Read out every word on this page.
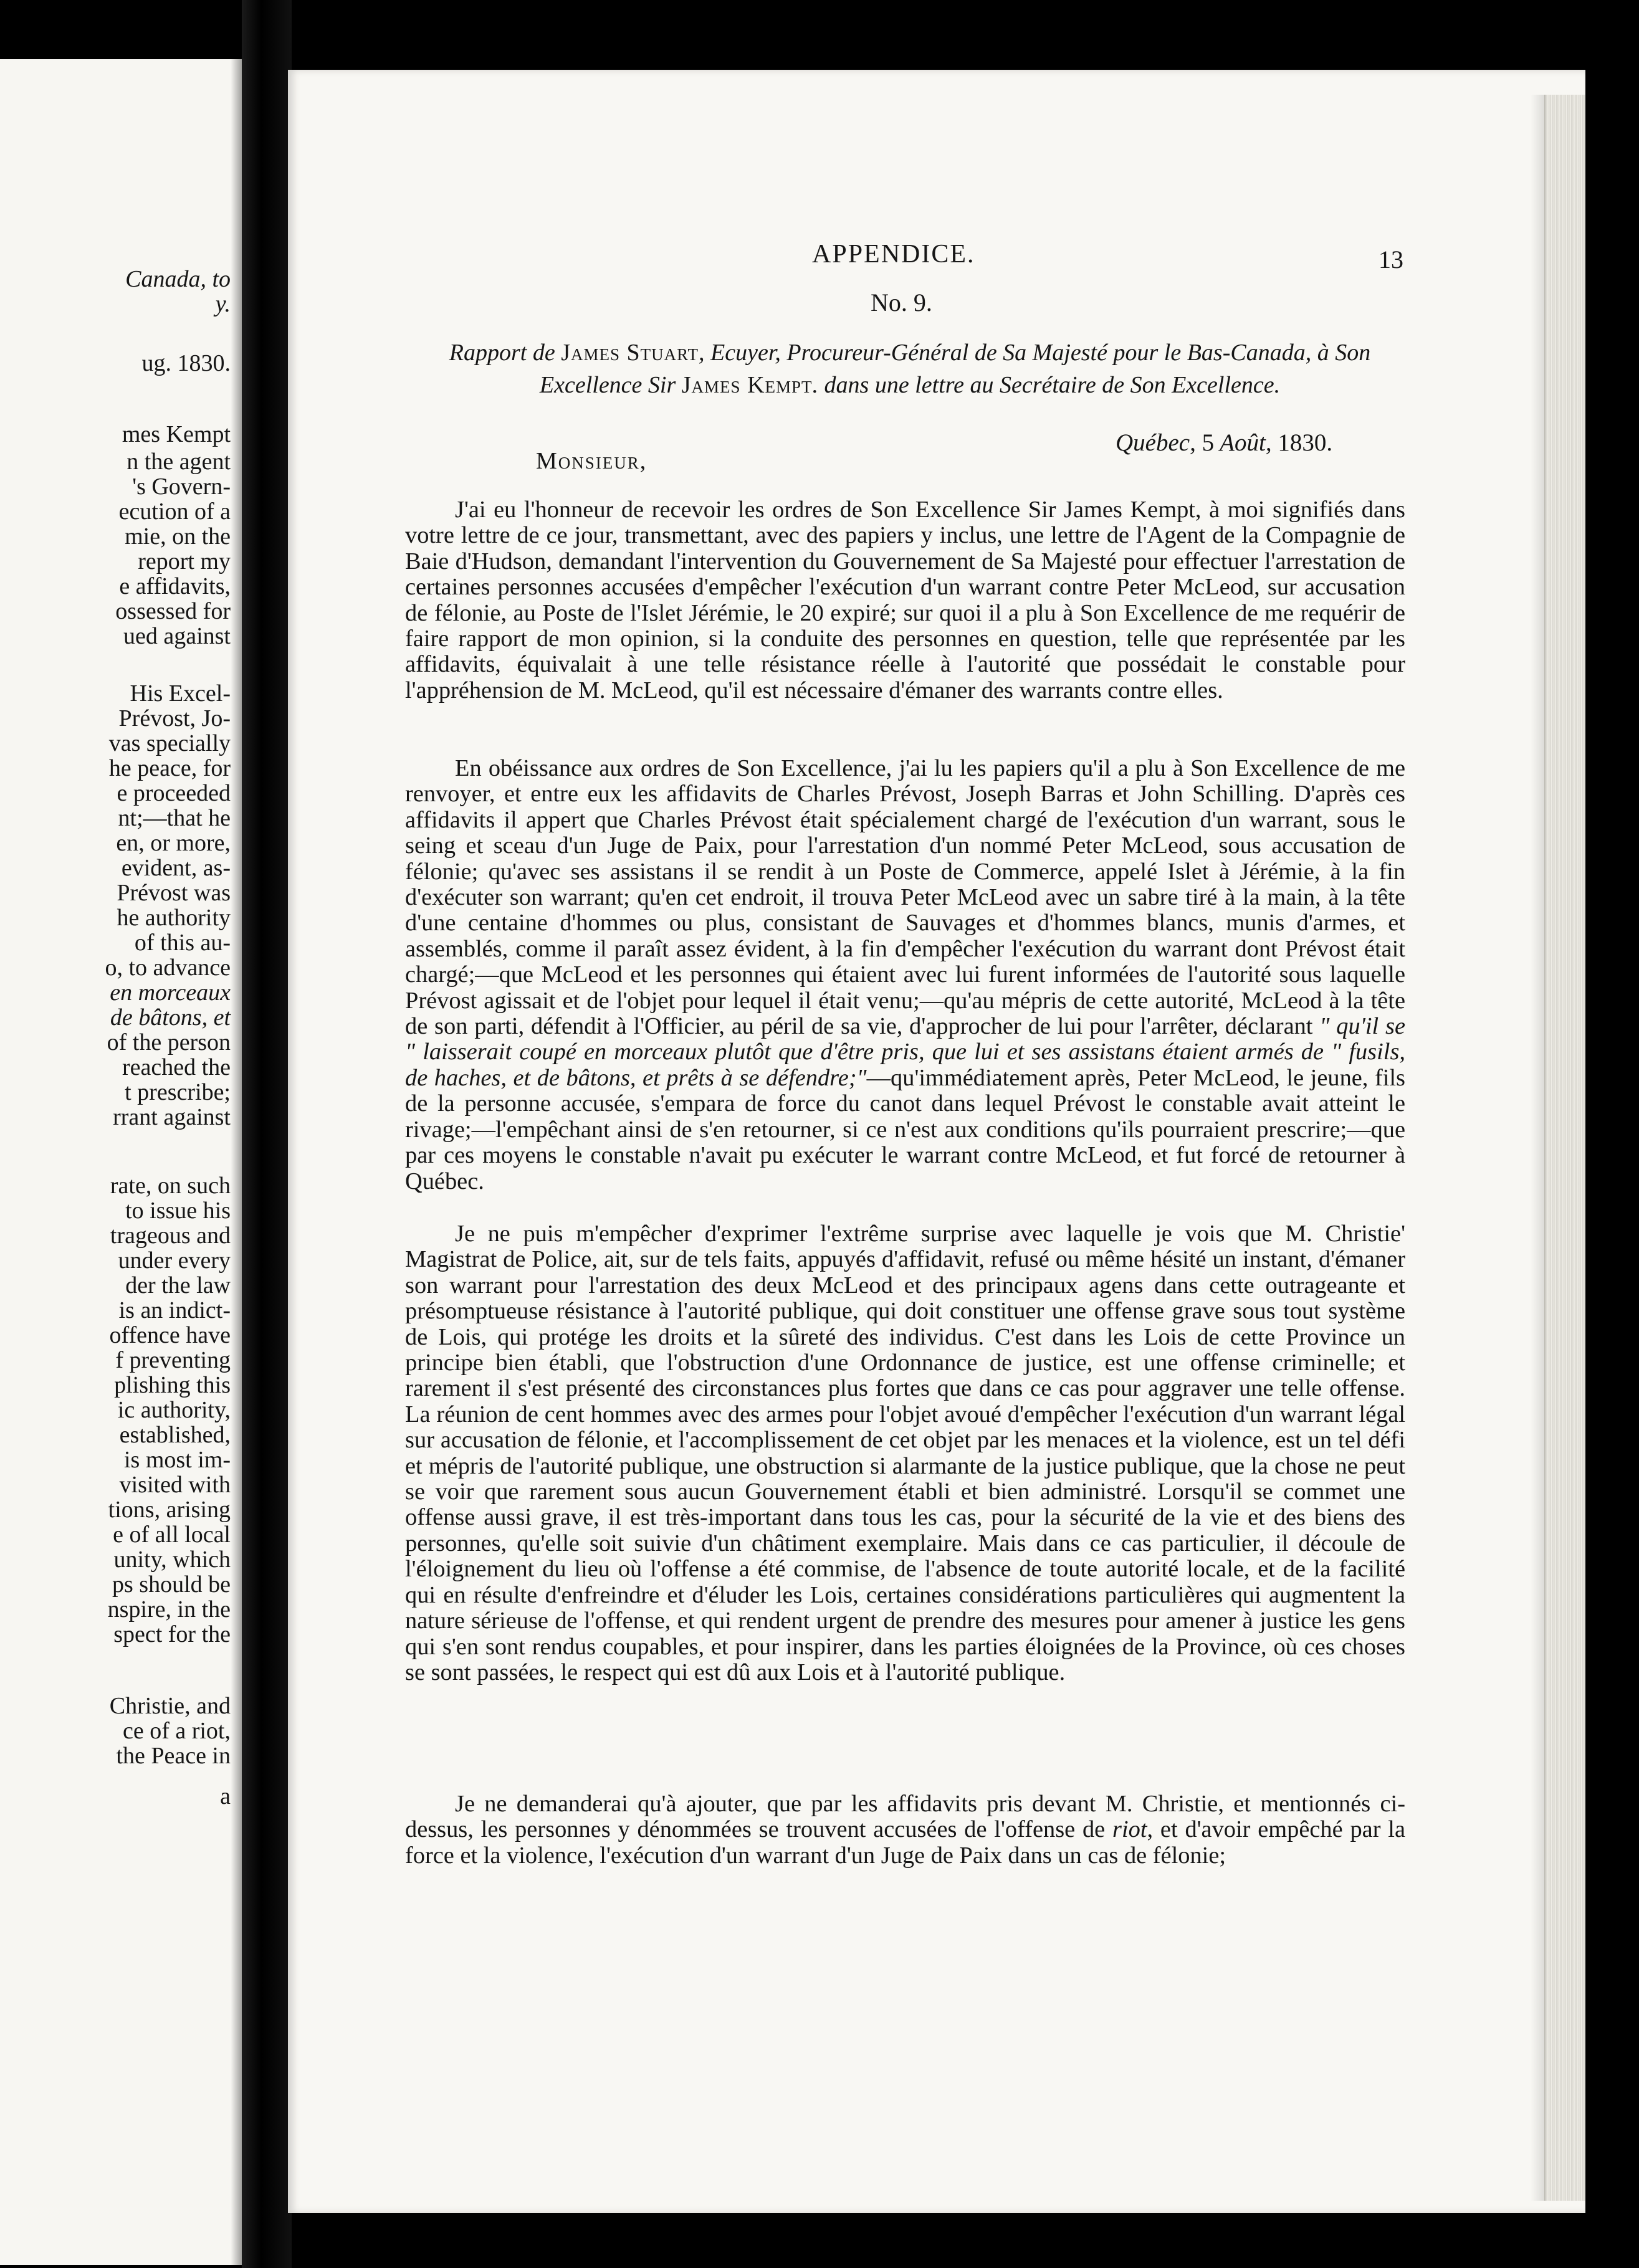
Canada, to
y.
ug. 1830.
mes Kempt
n the agent
's Govern-
ecution of a
mie, on the
report my
e affidavits,
ossessed for
ued against
His Excel-
Prévost, Jo-
vas specially
he peace, for
e proceeded
nt;—that he
en, or more,
evident, as-
Prévost was
he authority
of this au-
o, to advance
en morceaux
de bâtons, et
of the person
reached the
t prescribe;
rrant against
rate, on such
to issue his
trageous and
under every
der the law
is an indict-
offence have
f preventing
plishing this
ic authority,
established,
is most im-
visited with
tions, arising
e of all local
unity, which
ps should be
nspire, in the
spect for the
Christie, and
ce of a riot,
the Peace in
a
APPENDICE.	13
No. 9.
Rapport de James Stuart, Ecuyer, Procureur-Général de Sa Majesté pour le Bas-Canada, à Son Excellence Sir James Kempt. dans une lettre au Secrétaire de Son Excellence.
Québec, 5 Août, 1830.
Monsieur,

J'ai eu l'honneur de recevoir les ordres de Son Excellence Sir James Kempt, à moi signifiés dans votre lettre de ce jour, transmettant, avec des papiers y inclus, une lettre de l'Agent de la Compagnie de Baie d'Hudson, demandant l'intervention du Gouvernement de Sa Majesté pour effectuer l'arrestation de certaines personnes accusées d'empêcher l'exécution d'un warrant contre Peter McLeod, sur accusation de félonie, au Poste de l'Islet Jérémie, le 20 expiré; sur quoi il a plu à Son Excellence de me requérir de faire rapport de mon opinion, si la conduite des personnes en question, telle que représentée par les affidavits, équivalait à une telle résistance réelle à l'autorité que possédait le constable pour l'appréhension de M. McLeod, qu'il est nécessaire d'émaner des warrants contre elles.

En obéissance aux ordres de Son Excellence, j'ai lu les papiers qu'il a plu à Son Excellence de me renvoyer, et entre eux les affidavits de Charles Prévost, Joseph Barras et John Schilling. D'après ces affidavits il appert que Charles Prévost était spécialement chargé de l'exécution d'un warrant, sous le seing et sceau d'un Juge de Paix, pour l'arrestation d'un nommé Peter McLeod, sous accusation de félonie; qu'avec ses assistans il se rendit à un Poste de Commerce, appelé Islet à Jérémie, à la fin d'exécuter son warrant; qu'en cet endroit, il trouva Peter McLeod avec un sabre tiré à la main, à la tête d'une centaine d'hommes ou plus, consistant de Sauvages et d'hommes blancs, munis d'armes, et assemblés, comme il paraît assez évident, à la fin d'empêcher l'exécution du warrant dont Prévost était chargé;—que McLeod et les personnes qui étaient avec lui furent informées de l'autorité sous laquelle Prévost agissait et de l'objet pour lequel il était venu;—qu'au mépris de cette autorité, McLeod à la tête de son parti, défendit à l'Officier, au péril de sa vie, d'approcher de lui pour l'arrêter, déclarant " qu'il se " laisserait coupé en morceaux plutôt que d'être pris, que lui et ses assistans étaient armés de " fusils, de haches, et de bâtons, et prêts à se défendre;"—qu'immédiatement après, Peter McLeod, le jeune, fils de la personne accusée, s'empara de force du canot dans lequel Prévost le constable avait atteint le rivage;—l'empêchant ainsi de s'en retourner, si ce n'est aux conditions qu'ils pourraient prescrire;—que par ces moyens le constable n'avait pu exécuter le warrant contre McLeod, et fut forcé de retourner à Québec.

Je ne puis m'empêcher d'exprimer l'extrême surprise avec laquelle je vois que M. Christie' Magistrat de Police, ait, sur de tels faits, appuyés d'affidavit, refusé ou même hésité un instant, d'émaner son warrant pour l'arrestation des deux McLeod et des principaux agens dans cette outrageante et présomptueuse résistance à l'autorité publique, qui doit constituer une offense grave sous tout système de Lois, qui protége les droits et la sûreté des individus. C'est dans les Lois de cette Province un principe bien établi, que l'obstruction d'une Ordonnance de justice, est une offense criminelle; et rarement il s'est présenté des circonstances plus fortes que dans ce cas pour aggraver une telle offense. La réunion de cent hommes avec des armes pour l'objet avoué d'empêcher l'exécution d'un warrant légal sur accusation de félonie, et l'accomplissement de cet objet par les menaces et la violence, est un tel défi et mépris de l'autorité publique, une obstruction si alarmante de la justice publique, que la chose ne peut se voir que rarement sous aucun Gouvernement établi et bien administré. Lorsqu'il se commet une offense aussi grave, il est très-important dans tous les cas, pour la sécurité de la vie et des biens des personnes, qu'elle soit suivie d'un châtiment exemplaire. Mais dans ce cas particulier, il découle de l'éloignement du lieu où l'offense a été commise, de l'absence de toute autorité locale, et de la facilité qui en résulte d'enfreindre et d'éluder les Lois, certaines considérations particulières qui augmentent la nature sérieuse de l'offense, et qui rendent urgent de prendre des mesures pour amener à justice les gens qui s'en sont rendus coupables, et pour inspirer, dans les parties éloignées de la Province, où ces choses se sont passées, le respect qui est dû aux Lois et à l'autorité publique.

Je ne demanderai qu'à ajouter, que par les affidavits pris devant M. Christie, et mentionnés ci-dessus, les personnes y dénommées se trouvent accusées de l'offense de riot, et d'avoir empêché par la force et la violence, l'exécution d'un warrant d'un Juge de Paix dans un cas de félonie;
